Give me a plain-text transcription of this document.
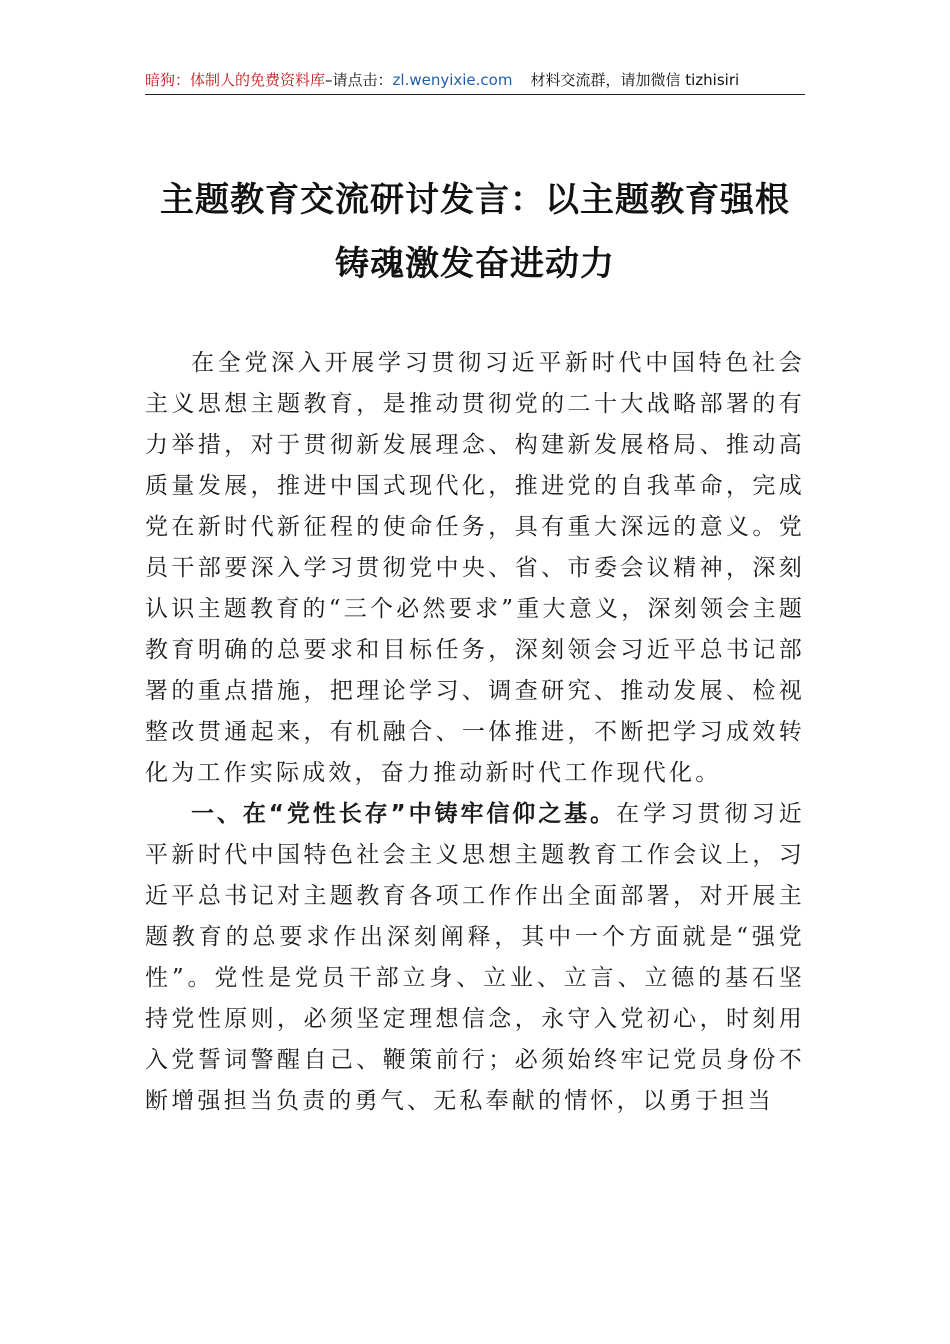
暗狗：体制人的免费资料库–请点击：zl.wenyixie.com 材料交流群，请加微信 tizhisiri
主题教育交流研讨发言：以主题教育强根
铸魂激发奋进动力

在全党深入开展学习贯彻习近平新时代中国特色社会主义思想主题教育，是推动贯彻党的二十大战略部署的有力举措，对于贯彻新发展理念、构建新发展格局、推动高质量发展，推进中国式现代化，推进党的自我革命，完成党在新时代新征程的使命任务，具有重大深远的意义。党员干部要深入学习贯彻党中央、省、市委会议精神，深刻认识主题教育的“三个必然要求”重大意义，深刻领会主题教育明确的总要求和目标任务，深刻领会习近平总书记部署的重点措施，把理论学习、调查研究、推动发展、检视整改贯通起来，有机融合、一体推进，不断把学习成效转化为工作实际成效，奋力推动新时代工作现代化。

一、在“党性长存”中铸牢信仰之基。在学习贯彻习近平新时代中国特色社会主义思想主题教育工作会议上，习近平总书记对主题教育各项工作作出全面部署，对开展主题教育的总要求作出深刻阐释，其中一个方面就是“强党性”。党性是党员干部立身、立业、立言、立德的基石坚持党性原则，必须坚定理想信念，永守入党初心，时刻用入党誓词警醒自己、鞭策前行；必须始终牢记党员身份不断增强担当负责的勇气、无私奉献的情怀，以勇于担当
